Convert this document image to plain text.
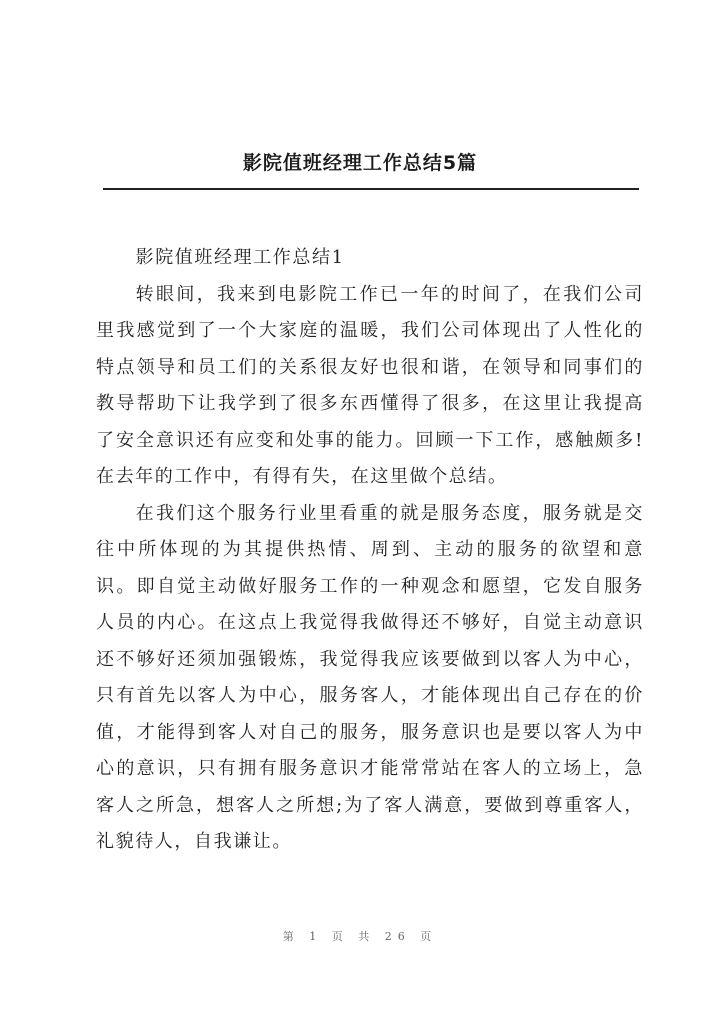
影院值班经理工作总结5篇

影院值班经理工作总结1

转眼间，我来到电影院工作已一年的时间了，在我们公司里我感觉到了一个大家庭的温暖，我们公司体现出了人性化的特点领导和员工们的关系很友好也很和谐，在领导和同事们的教导帮助下让我学到了很多东西懂得了很多，在这里让我提高了安全意识还有应变和处事的能力。回顾一下工作，感触颇多!在去年的工作中，有得有失，在这里做个总结。

在我们这个服务行业里看重的就是服务态度，服务就是交往中所体现的为其提供热情、周到、主动的服务的欲望和意识。即自觉主动做好服务工作的一种观念和愿望，它发自服务人员的内心。在这点上我觉得我做得还不够好，自觉主动意识还不够好还须加强锻炼，我觉得我应该要做到以客人为中心，只有首先以客人为中心，服务客人，才能体现出自己存在的价值，才能得到客人对自己的服务，服务意识也是要以客人为中心的意识，只有拥有服务意识才能常常站在客人的立场上，急客人之所急，想客人之所想;为了客人满意，要做到尊重客人，礼貌待人，自我谦让。

第 1 页 共 26 页
